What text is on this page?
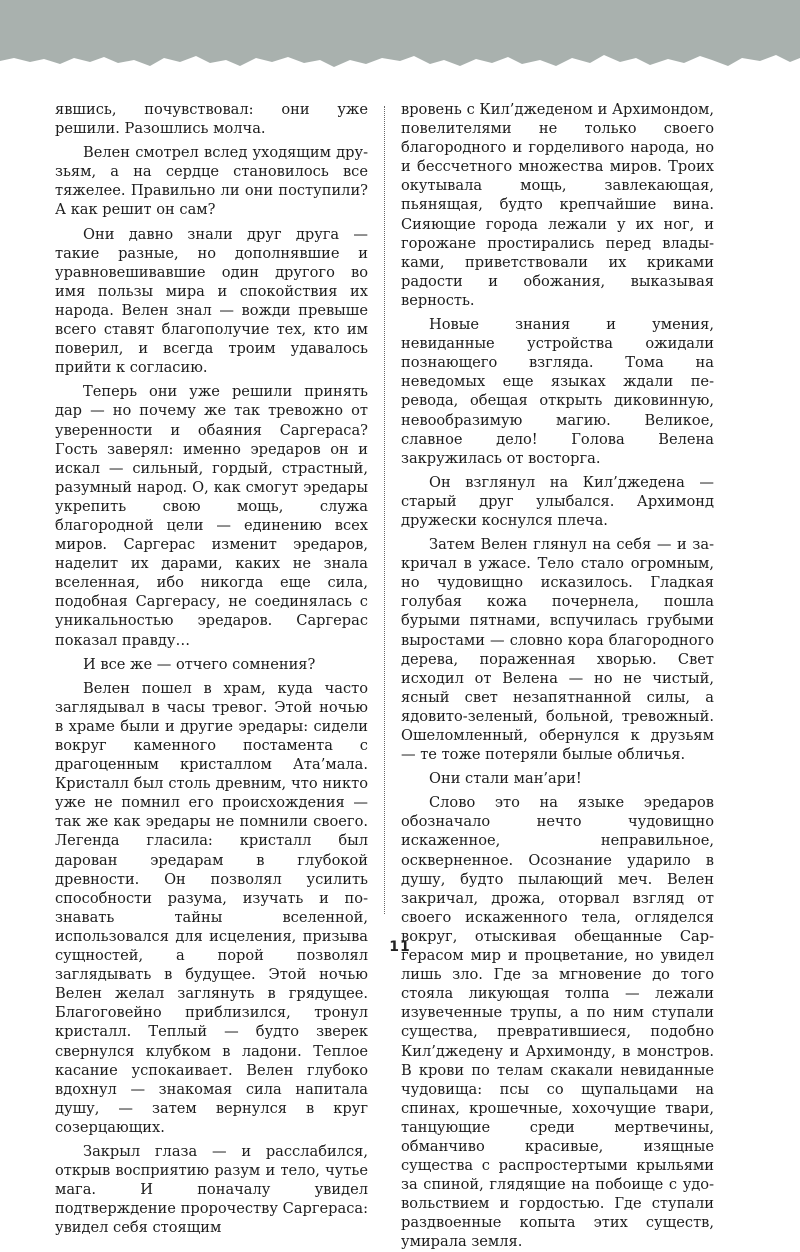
явшись, почувствовал: они уже решили. Разошлись молча.

Велен смотрел вслед уходящим друзьям, а на сердце становилось все тяжелее. Правильно ли они поступили? А как решит он сам?

Они давно знали друг друга — такие разные, но дополнявшие и уравновешивавшие один другого во имя пользы мира и спокойствия их народа. Велен знал — вожди превыше всего ставят благополучие тех, кто им поверил, и всегда троим удавалось прийти к согласию.

Теперь они уже решили принять дар — но почему же так тревожно от уверенности и обаяния Саргераса? Гость заверял: именно эредаров он и искал — сильный, гордый, страстный, разумный народ. О, как смогут эредары укрепить свою мощь, служа благородной цели — единению всех миров. Саргерас изменит эредаров, наделит их дарами, каких не знала вселенная, ибо никогда еще сила, подобная Саргерасу, не соединялась с уникальностью эредаров. Саргерас показал правду…

И все же — отчего сомнения?

Велен пошел в храм, куда часто заглядывал в часы тревог. Этой ночью в храме были и другие эредары: сидели вокруг каменного постамента с драгоценным кристаллом Ата’мала. Кристалл был столь древним, что никто уже не помнил его происхождения — так же как эредары не помнили своего. Легенда гласила: кристалл был дарован эредарам в глубокой древности. Он позволял усилить способности разума, изучать и познавать тайны вселенной, использовался для исцеления, призыва сущностей, а порой позволял заглядывать в будущее. Этой ночью Велен желал заглянуть в грядущее. Благоговейно приблизился, тронул кристалл. Теплый — будто зверек свернулся клубком в ладони. Теплое касание успокаивает. Велен глубоко вдохнул — знакомая сила напитала душу, — затем вернулся в круг созерцающих.

Закрыл глаза — и расслабился, открыв восприятию разум и тело, чутье мага. И поначалу увидел подтверждение пророчеству Саргераса: увидел себя стоящим

вровень с Кил’джеденом и Архимондом, повелителями не только своего благородного и горделивого народа, но и бессчетного множества миров. Троих окутывала мощь, завлекающая, пьянящая, будто крепчайшие вина. Сияющие города лежали у их ног, и горожане простирались перед владыками, приветствовали их криками радости и обожания, выказывая верность.

Новые знания и умения, невиданные устройства ожидали познающего взгляда. Тома на неведомых еще языках ждали перевода, обещая открыть диковинную, невообразимую магию. Великое, славное дело! Голова Велена закружилась от восторга.

Он взглянул на Кил’джедена — старый друг улыбался. Архимонд дружески коснулся плеча.

Затем Велен глянул на себя — и закричал в ужасе. Тело стало огромным, но чудовищно исказилось. Гладкая голубая кожа почернела, пошла бурыми пятнами, вспучилась грубыми выростами — словно кора благородного дерева, пораженная хворью. Свет исходил от Велена — но не чистый, ясный свет незапятнанной силы, а ядовито-зеленый, больной, тревожный. Ошеломленный, обернулся к друзьям — те тоже потеряли былые обличья.

Они стали ман’ари!

Слово это на языке эредаров обозначало нечто чудовищно искаженное, неправильное, оскверненное. Осознание ударило в душу, будто пылающий меч. Велен закричал, дрожа, оторвал взгляд от своего искаженного тела, огляделся вокруг, отыскивая обещанные Саргерасом мир и процветание, но увидел лишь зло. Где за мгновение до того стояла ликующая толпа — лежали изувеченные трупы, а по ним ступали существа, превратившиеся, подобно Кил’джедену и Архимонду, в монстров. В крови по телам скакали невиданные чудовища: псы со щупальцами на спинах, крошечные, хохочущие твари, танцующие среди мертвечины, обманчиво красивые, изящные существа с распростертыми крыльями за спиной, глядящие на побоище с удовольствием и гордостью. Где ступали раздвоенные копыта этих существ, умирала земля.

11
